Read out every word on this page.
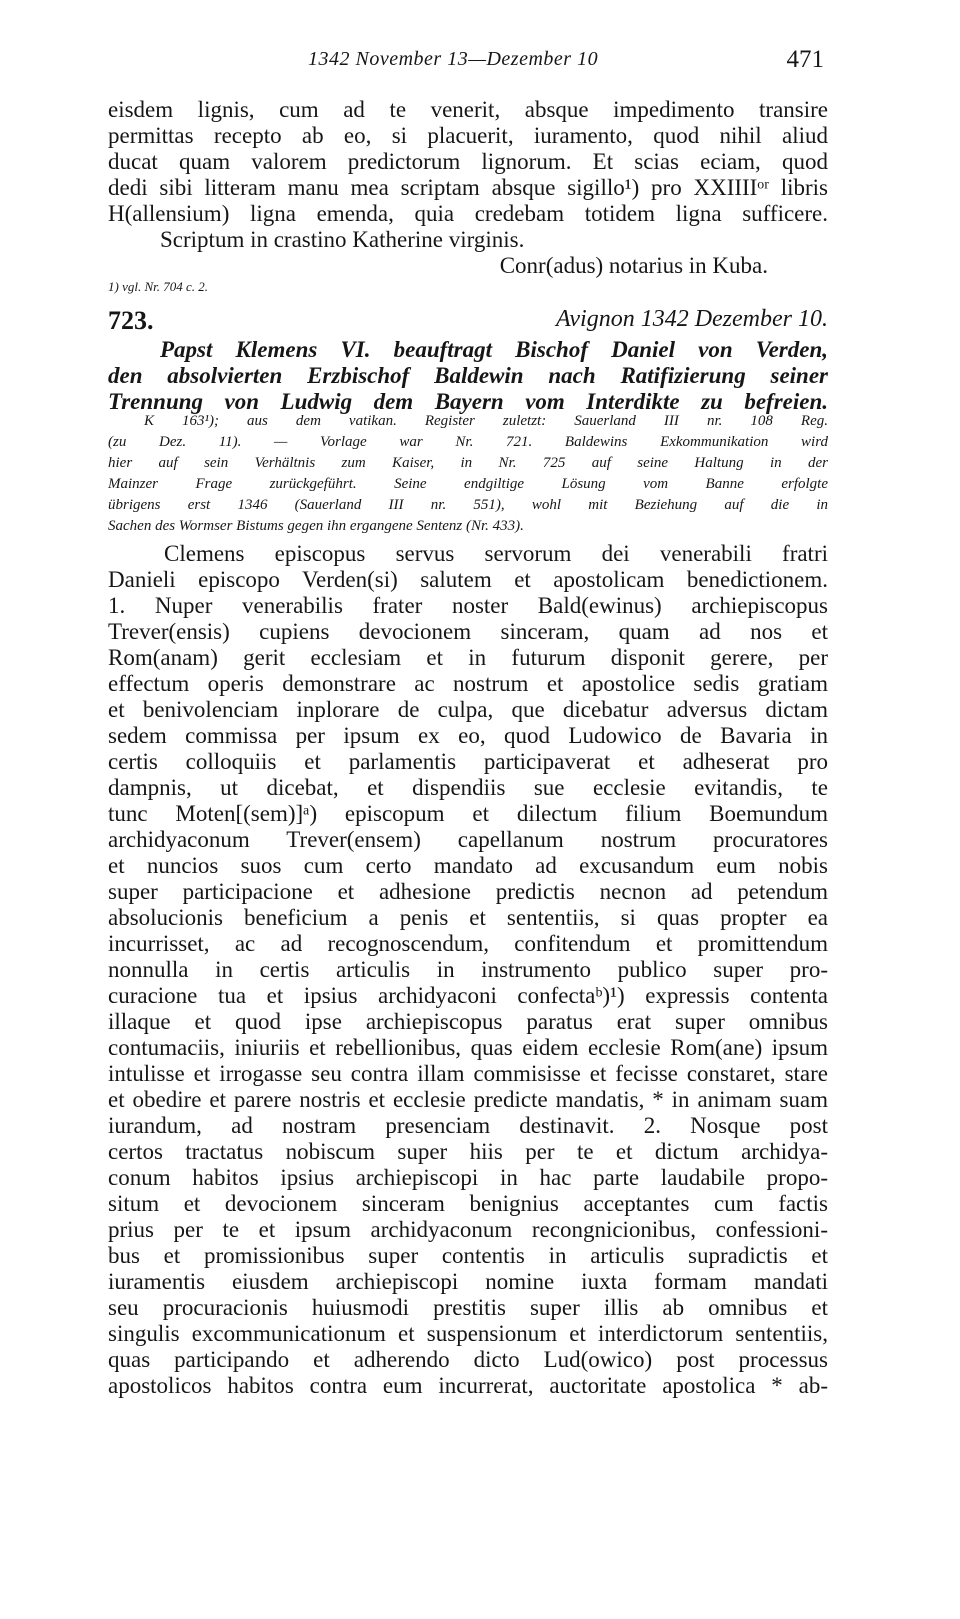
1342 November 13—Dezember 10	471
eisdem lignis, cum ad te venerit, absque impedimento transire
permittas recepto ab eo, si placuerit, iuramento, quod nihil aliud
ducat quam valorem predictorum lignorum. Et scias eciam, quod
dedi sibi litteram manu mea scriptam absque sigillo¹) pro XXIIIIᵒʳ libris
H(allensium) ligna emenda, quia credebam totidem ligna sufficere.
Scriptum in crastino Katherine virginis.
Conr(adus) notarius in Kuba.
1) vgl. Nr. 704 c. 2.
723.	Avignon 1342 Dezember 10.
Papst Klemens VI. beauftragt Bischof Daniel von Verden,
den absolvierten Erzbischof Baldewin nach Ratifizierung seiner
Trennung von Ludwig dem Bayern vom Interdikte zu befreien.
K 163¹); aus dem vatikan. Register zuletzt: Sauerland III nr. 108 Reg.
(zu Dez. 11). — Vorlage war Nr. 721. Baldewins Exkommunikation wird
hier auf sein Verhältnis zum Kaiser, in Nr. 725 auf seine Haltung in der
Mainzer Frage zurückgeführt. Seine endgiltige Lösung vom Banne erfolgte
übrigens erst 1346 (Sauerland III nr. 551), wohl mit Beziehung auf die in
Sachen des Wormser Bistums gegen ihn ergangene Sentenz (Nr. 433).
Clemens episcopus servus servorum dei venerabili fratri
Danieli episcopo Verden(si) salutem et apostolicam benedictionem.
1. Nuper venerabilis frater noster Bald(ewinus) archiepiscopus
Trever(ensis) cupiens devocionem sinceram, quam ad nos et
Rom(anam) gerit ecclesiam et in futurum disponit gerere, per
effectum operis demonstrare ac nostrum et apostolice sedis gratiam
et benivolenciam inplorare de culpa, que dicebatur adversus dictam
sedem commissa per ipsum ex eo, quod Ludowico de Bavaria in
certis colloquiis et parlamentis participaverat et adheserat pro
dampnis, ut dicebat, et dispendiis sue ecclesie evitandis, te
tunc Moten[(sem)]ᵃ) episcopum et dilectum filium Boemundum
archidyaconum Trever(ensem) capellanum nostrum procuratores
et nuncios suos cum certo mandato ad excusandum eum nobis
super participacione et adhesione predictis necnon ad petendum
absolucionis beneficium a penis et sententiis, si quas propter ea
incurrisset, ac ad recognoscendum, confitendum et promittendum
nonnulla in certis articulis in instrumento publico super pro-
curacione tua et ipsius archidyaconi confectaᵇ)¹) expressis contenta
illaque et quod ipse archiepiscopus paratus erat super omnibus
contumaciis, iniuriis et rebellionibus, quas eidem ecclesie Rom(ane) ipsum
intulisse et irrogasse seu contra illam commisisse et fecisse constaret, stare
et obedire et parere nostris et ecclesie predicte mandatis, * in animam suam
iurandum, ad nostram presenciam destinavit. 2. Nosque post
certos tractatus nobiscum super hiis per te et dictum archidya-
conum habitos ipsius archiepiscopi in hac parte laudabile propo-
situm et devocionem sinceram benignius acceptantes cum factis
prius per te et ipsum archidyaconum recongnicionibus, confessioni-
bus et promissionibus super contentis in articulis supradictis et
iuramentis eiusdem archiepiscopi nomine iuxta formam mandati
seu procuracionis huiusmodi prestitis super illis ab omnibus et
singulis excommunicationum et suspensionum et interdictorum sententiis,
quas participando et adherendo dicto Lud(owico) post processus
apostolicos habitos contra eum incurrerat, auctoritate apostolica * ab-
